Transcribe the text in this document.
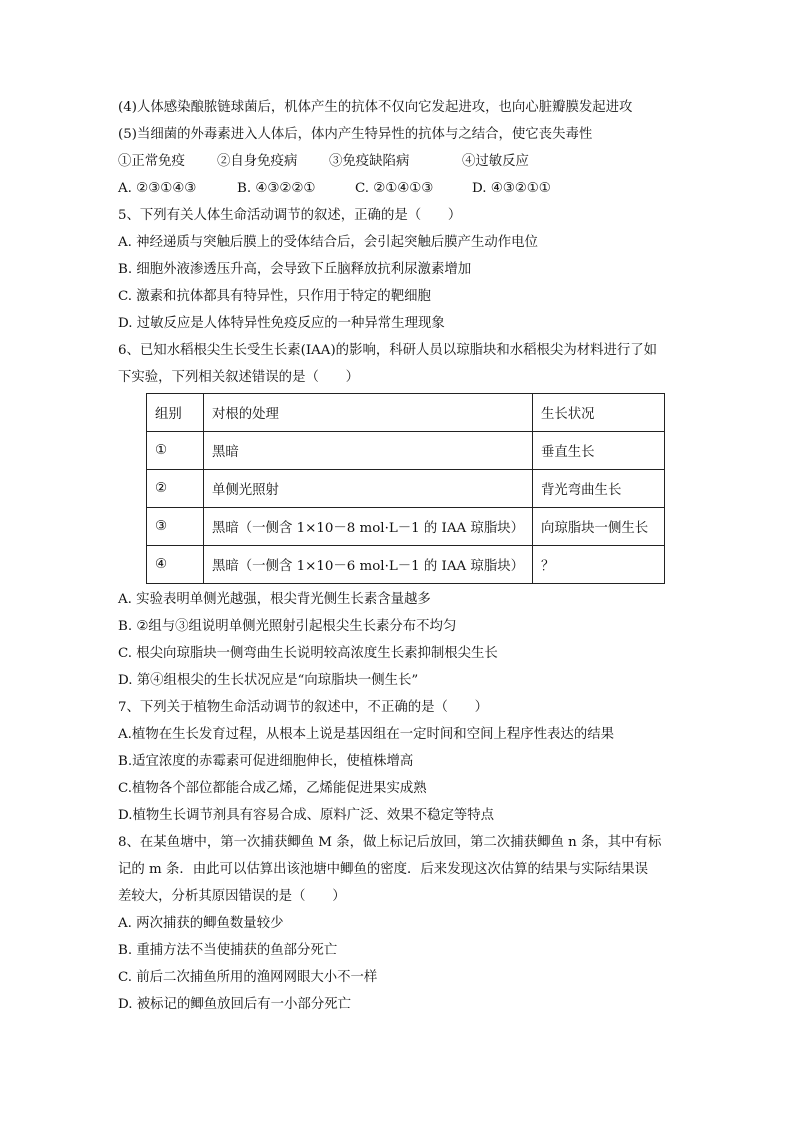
(4)人体感染酿脓链球菌后，机体产生的抗体不仅向它发起进攻，也向心脏瓣膜发起进攻
(5)当细菌的外毒素进入人体后，体内产生特异性的抗体与之结合，使它丧失毒性
①正常免疫	②自身免疫病	③免疫缺陷病	④过敏反应
A. ②③①④③	B. ④③②②①	C. ②①④①③	D. ④③②①①
5、下列有关人体生命活动调节的叙述，正确的是（　　）
A. 神经递质与突触后膜上的受体结合后，会引起突触后膜产生动作电位
B. 细胞外液渗透压升高，会导致下丘脑释放抗利尿激素增加
C. 激素和抗体都具有特异性，只作用于特定的靶细胞
D. 过敏反应是人体特异性免疫反应的一种异常生理现象
6、已知水稻根尖生长受生长素(IAA)的影响，科研人员以琼脂块和水稻根尖为材料进行了如
下实验，下列相关叙述错误的是（　　）
组别	对根的处理	生长状况
①	黑暗	垂直生长
②	单侧光照射	背光弯曲生长
③	黑暗（一侧含 1×10－8 mol·L－1 的 IAA 琼脂块）	向琼脂块一侧生长
④	黑暗（一侧含 1×10－6 mol·L－1 的 IAA 琼脂块）	？
A. 实验表明单侧光越强，根尖背光侧生长素含量越多
B. ②组与③组说明单侧光照射引起根尖生长素分布不均匀
C. 根尖向琼脂块一侧弯曲生长说明较高浓度生长素抑制根尖生长
D. 第④组根尖的生长状况应是“向琼脂块一侧生长”
7、下列关于植物生命活动调节的叙述中，不正确的是（　　）
A.植物在生长发育过程，从根本上说是基因组在一定时间和空间上程序性表达的结果
B.适宜浓度的赤霉素可促进细胞伸长，使植株增高
C.植物各个部位都能合成乙烯，乙烯能促进果实成熟
D.植物生长调节剂具有容易合成、原料广泛、效果不稳定等特点
8、在某鱼塘中，第一次捕获鲫鱼 M 条，做上标记后放回，第二次捕获鲫鱼 n 条，其中有标
记的 m 条．由此可以估算出该池塘中鲫鱼的密度．后来发现这次估算的结果与实际结果误
差较大，分析其原因错误的是（　　）
A. 两次捕获的鲫鱼数量较少
B. 重捕方法不当使捕获的鱼部分死亡
C. 前后二次捕鱼所用的渔网网眼大小不一样
D. 被标记的鲫鱼放回后有一小部分死亡
